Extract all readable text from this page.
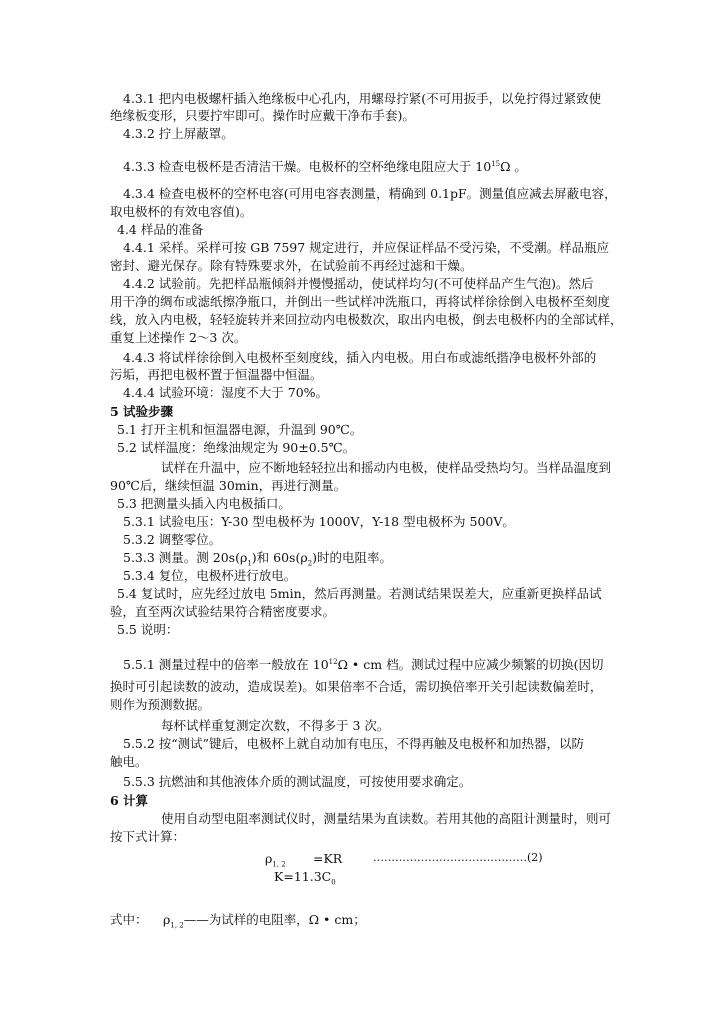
4.3.1 把内电极螺杆插入绝缘板中心孔内，用螺母拧紧(不可用扳手，以免拧得过紧致使
绝缘板变形，只要拧牢即可。操作时应戴干净布手套)。
4.3.2 拧上屏蔽罩。
4.3.3 检查电极杯是否清洁干燥。电极杯的空杯绝缘电阻应大于 $10^{15}\Omega$ 。
4.3.4 检查电极杯的空杯电容(可用电容表测量，精确到 0.1pF。测量值应减去屏蔽电容，
取电极杯的有效电容值)。
4.4 样品的准备
4.4.1 采样。采样可按 GB 7597 规定进行，并应保证样品不受污染，不受潮。样品瓶应
密封、避光保存。除有特殊要求外，在试验前不再经过滤和干燥。
4.4.2 试验前。先把样品瓶倾斜并慢慢摇动，使试样均匀(不可使样品产生气泡)。然后
用干净的绸布或滤纸擦净瓶口，并倒出一些试样冲洗瓶口，再将试样徐徐倒入电极杯至刻度
线，放入内电极，轻轻旋转并来回拉动内电极数次，取出内电极，倒去电极杯内的全部试样，
重复上述操作 2～3 次。
4.4.3 将试样徐徐倒入电极杯至刻度线，插入内电极。用白布或滤纸揩净电极杯外部的
污垢，再把电极杯置于恒温器中恒温。
4.4.4 试验环境：湿度不大于 70%。
5 试验步骤
5.1 打开主机和恒温器电源，升温到 90℃。
5.2 试样温度：绝缘油规定为 90±0.5℃。
试样在升温中，应不断地轻轻拉出和摇动内电极，使样品受热均匀。当样品温度到
90℃后，继续恒温 30min，再进行测量。
5.3 把测量头插入内电极插口。
5.3.1 试验电压：Y-30 型电极杯为 1000V，Y-18 型电极杯为 500V。
5.3.2 调整零位。
5.3.3 测量。测 $20s(\rho_1)$和 $60s(\rho_2)$时的电阻率。
5.3.4 复位，电极杯进行放电。
5.4 复试时，应先经过放电 5min，然后再测量。若测试结果误差大，应重新更换样品试
验，直至两次试验结果符合精密度要求。
5.5 说明：
5.5.1 测量过程中的倍率一般放在 $10^{12}\Omega$ • cm 档。测试过程中应减少频繁的切换(因切
换时可引起读数的波动，造成误差)。如果倍率不合适，需切换倍率开关引起读数偏差时，
则作为预测数据。
每杯试样重复测定次数，不得多于 3 次。
5.5.2 按“测试”键后，电极杯上就自动加有电压，不得再触及电极杯和加热器，以防
触电。
5.5.3 抗燃油和其他液体介质的测试温度，可按使用要求确定。
6 计算
使用自动型电阻率测试仪时，测量结果为直读数。若用其他的高阻计测量时，则可
按下式计算：
$\rho_{1, 2} =KR$	……………………………………(2)
$K=11.3C_0$
式中： $\rho_{1, 2}——$为试样的电阻率，Ω • cm；
